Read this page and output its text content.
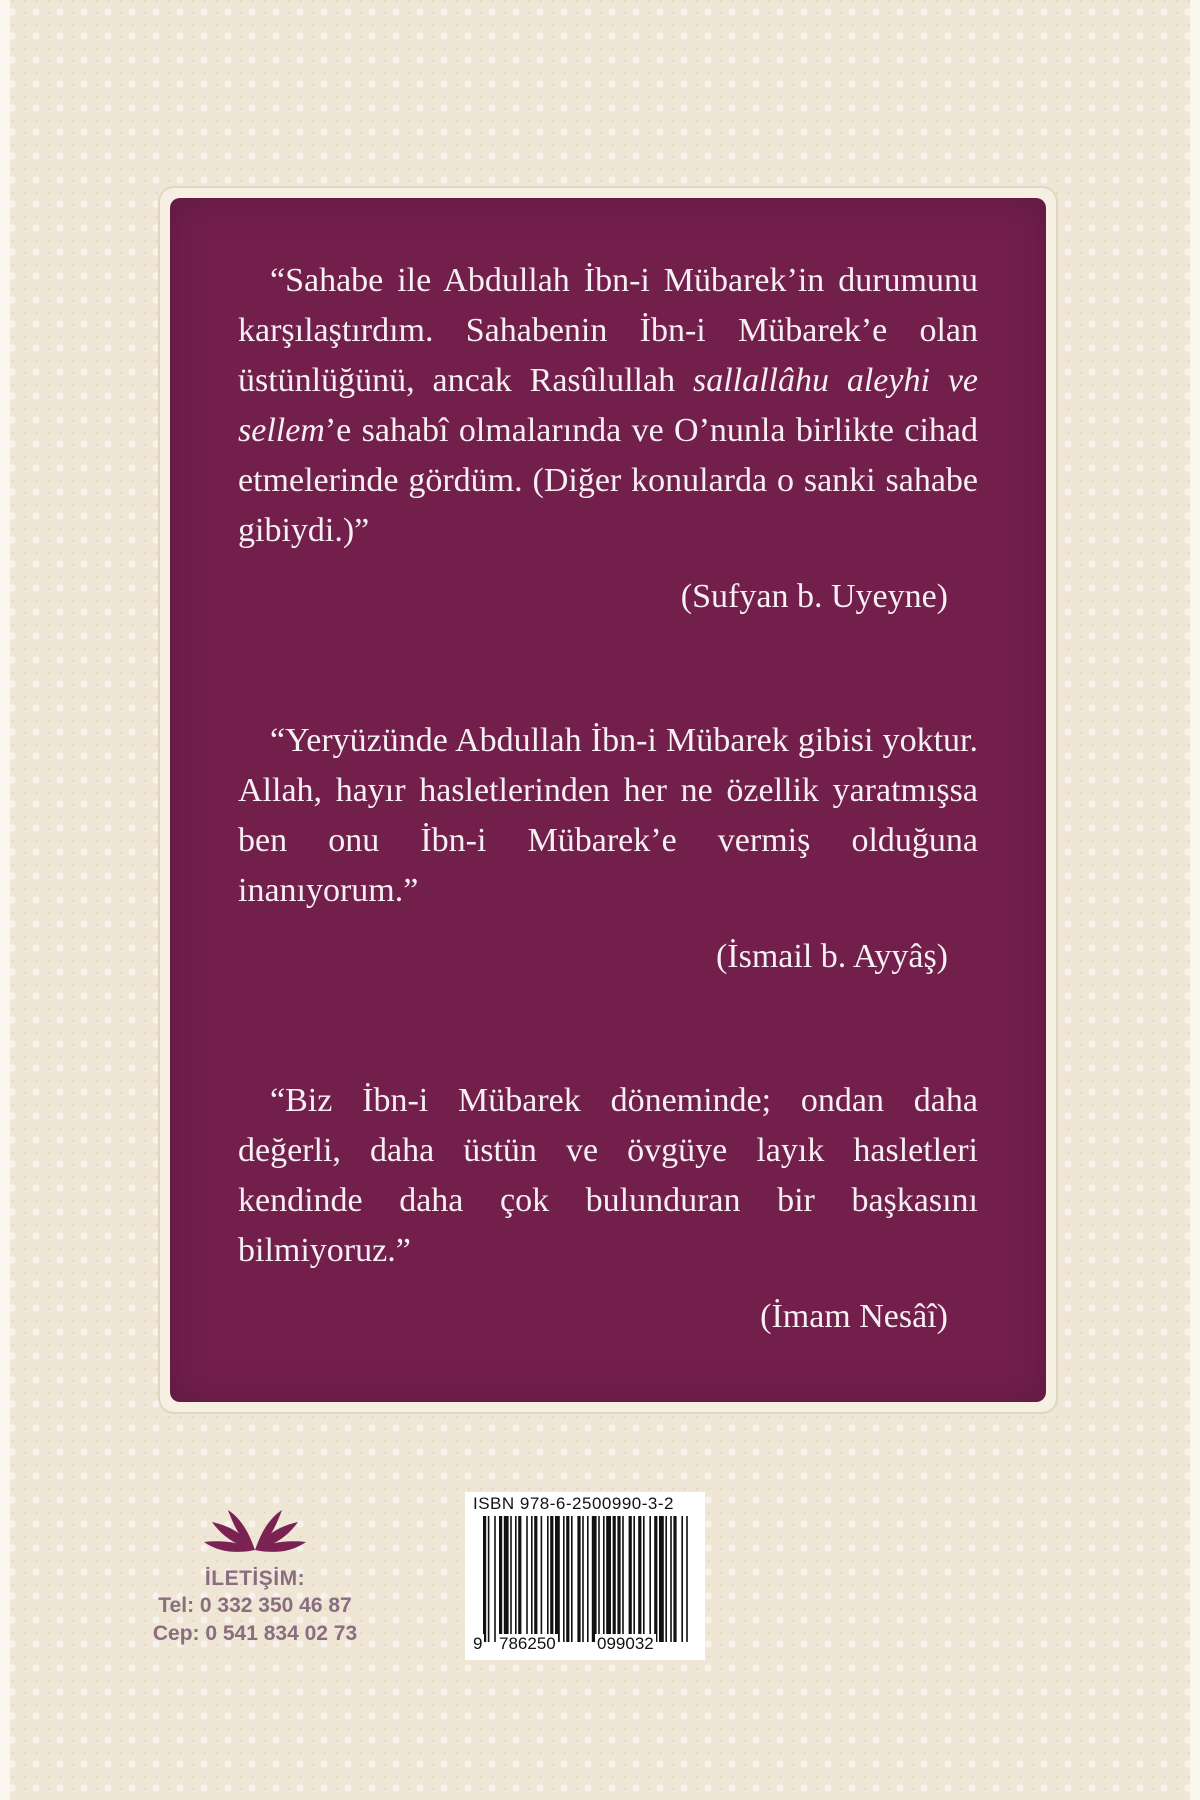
“Sahabe ile Abdullah İbn-i Mübarek’in durumunu karşılaştırdım. Sahabenin İbn-i Mübarek’e olan üstünlüğünü, ancak Rasûlullah sallallâhu aleyhi ve sellem’e sahabî olmalarında ve O’nunla birlikte cihad etmelerinde gördüm. (Diğer konularda o sanki sahabe gibiydi.)”

(Sufyan b. Uyeyne)

“Yeryüzünde Abdullah İbn-i Mübarek gibisi yoktur. Allah, hayır hasletlerinden her ne özellik yaratmışsa ben onu İbn-i Mübarek’e vermiş olduğuna inanıyorum.”

(İsmail b. Ayyâş)

“Biz İbn-i Mübarek döneminde; ondan daha değerli, daha üstün ve övgüye layık hasletleri kendinde daha çok bulunduran bir başkasını bilmiyoruz.”

(İmam Nesâî)
İLETİŞİM:
Tel: 0 332 350 46 87
Cep: 0 541 834 02 73
ISBN 978-6-2500990-3-2
9 786250 099032
